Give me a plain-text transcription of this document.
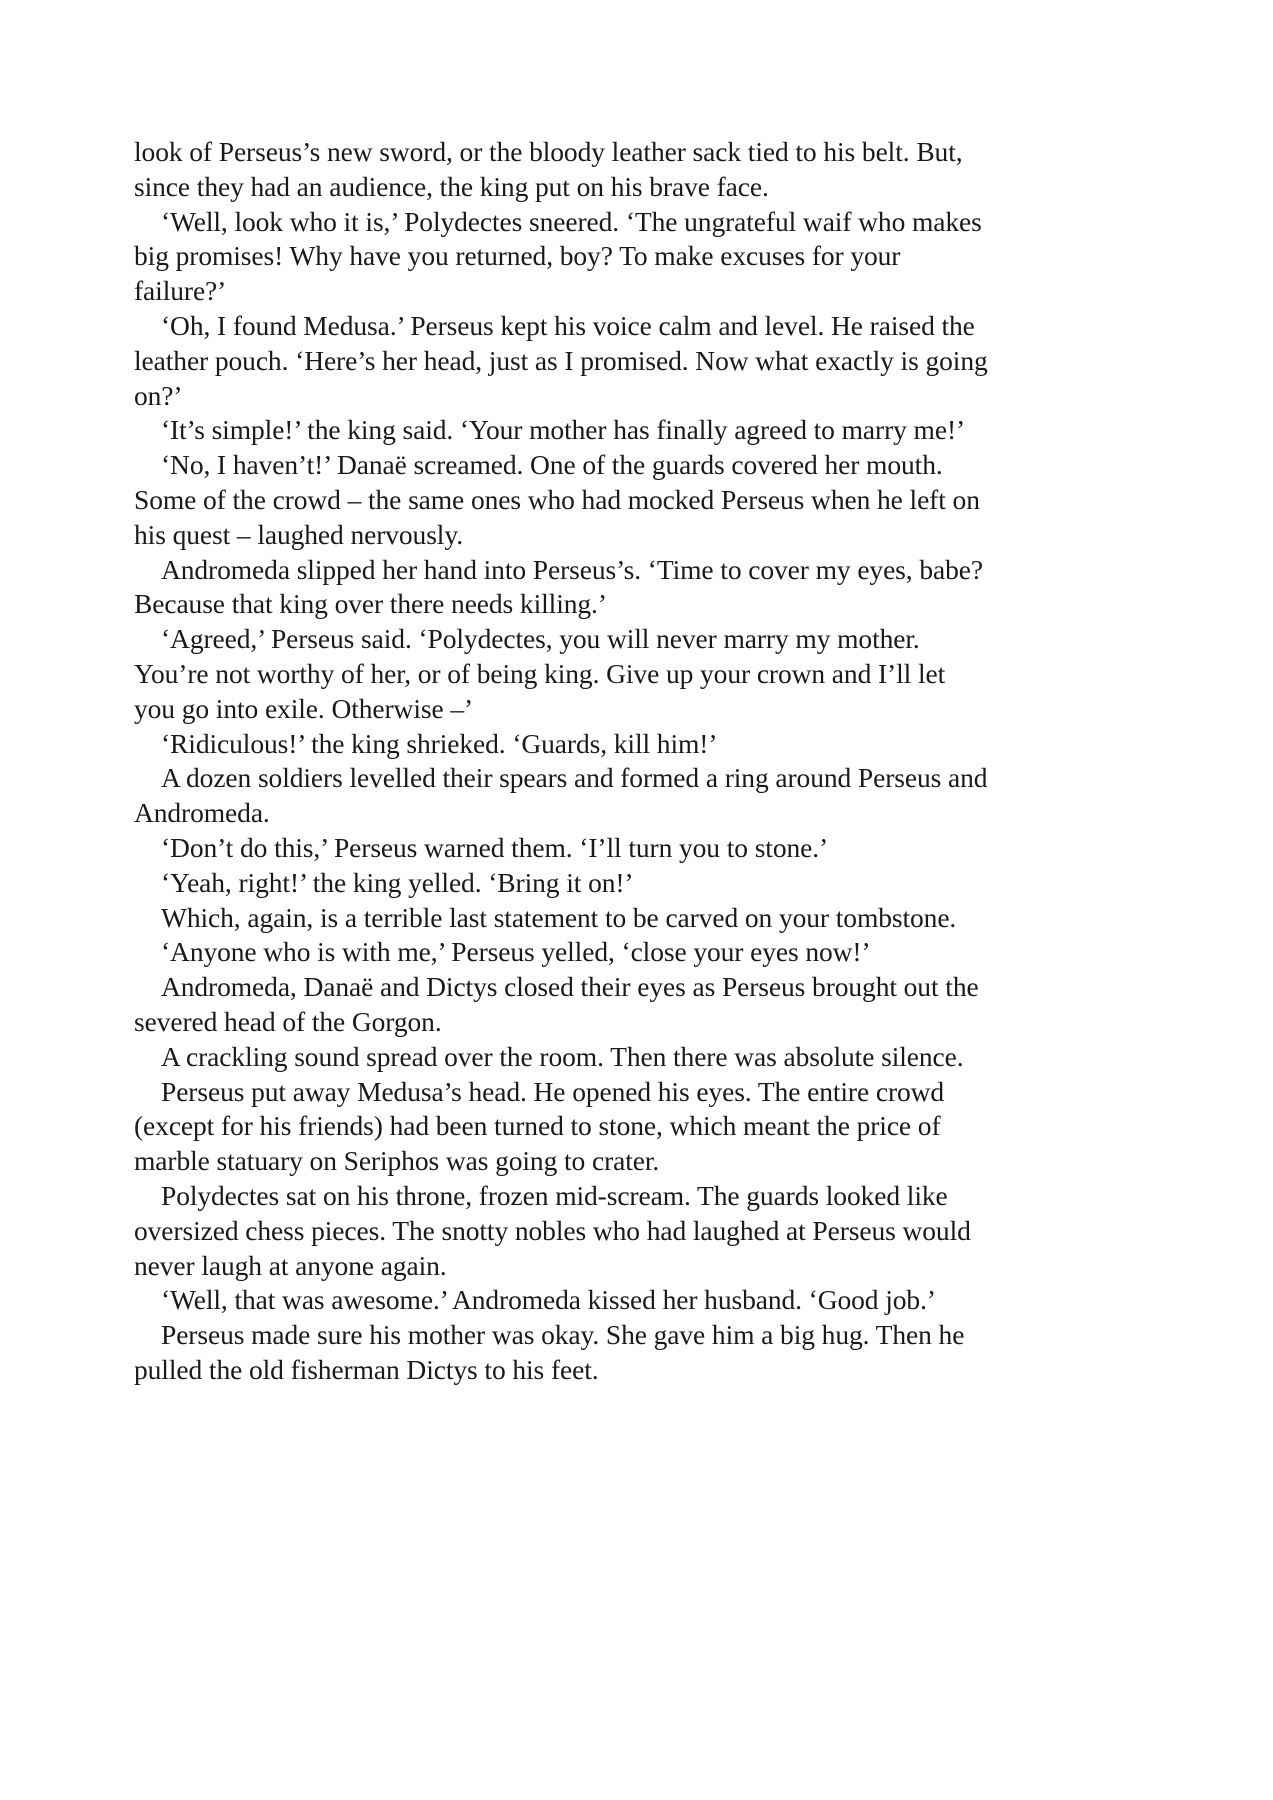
look of Perseus’s new sword, or the bloody leather sack tied to his belt. But,
since they had an audience, the king put on his brave face.
‘Well, look who it is,’ Polydectes sneered. ‘The ungrateful waif who makes
big promises! Why have you returned, boy? To make excuses for your
failure?’
‘Oh, I found Medusa.’ Perseus kept his voice calm and level. He raised the
leather pouch. ‘Here’s her head, just as I promised. Now what exactly is going
on?’
‘It’s simple!’ the king said. ‘Your mother has finally agreed to marry me!’
‘No, I haven’t!’ Danaë screamed. One of the guards covered her mouth.
Some of the crowd – the same ones who had mocked Perseus when he left on
his quest – laughed nervously.
Andromeda slipped her hand into Perseus’s. ‘Time to cover my eyes, babe?
Because that king over there needs killing.’
‘Agreed,’ Perseus said. ‘Polydectes, you will never marry my mother.
You’re not worthy of her, or of being king. Give up your crown and I’ll let
you go into exile. Otherwise –’
‘Ridiculous!’ the king shrieked. ‘Guards, kill him!’
A dozen soldiers levelled their spears and formed a ring around Perseus and
Andromeda.
‘Don’t do this,’ Perseus warned them. ‘I’ll turn you to stone.’
‘Yeah, right!’ the king yelled. ‘Bring it on!’
Which, again, is a terrible last statement to be carved on your tombstone.
‘Anyone who is with me,’ Perseus yelled, ‘close your eyes now!’
Andromeda, Danaë and Dictys closed their eyes as Perseus brought out the
severed head of the Gorgon.
A crackling sound spread over the room. Then there was absolute silence.
Perseus put away Medusa’s head. He opened his eyes. The entire crowd
(except for his friends) had been turned to stone, which meant the price of
marble statuary on Seriphos was going to crater.
Polydectes sat on his throne, frozen mid-scream. The guards looked like
oversized chess pieces. The snotty nobles who had laughed at Perseus would
never laugh at anyone again.
‘Well, that was awesome.’ Andromeda kissed her husband. ‘Good job.’
Perseus made sure his mother was okay. She gave him a big hug. Then he
pulled the old fisherman Dictys to his feet.
